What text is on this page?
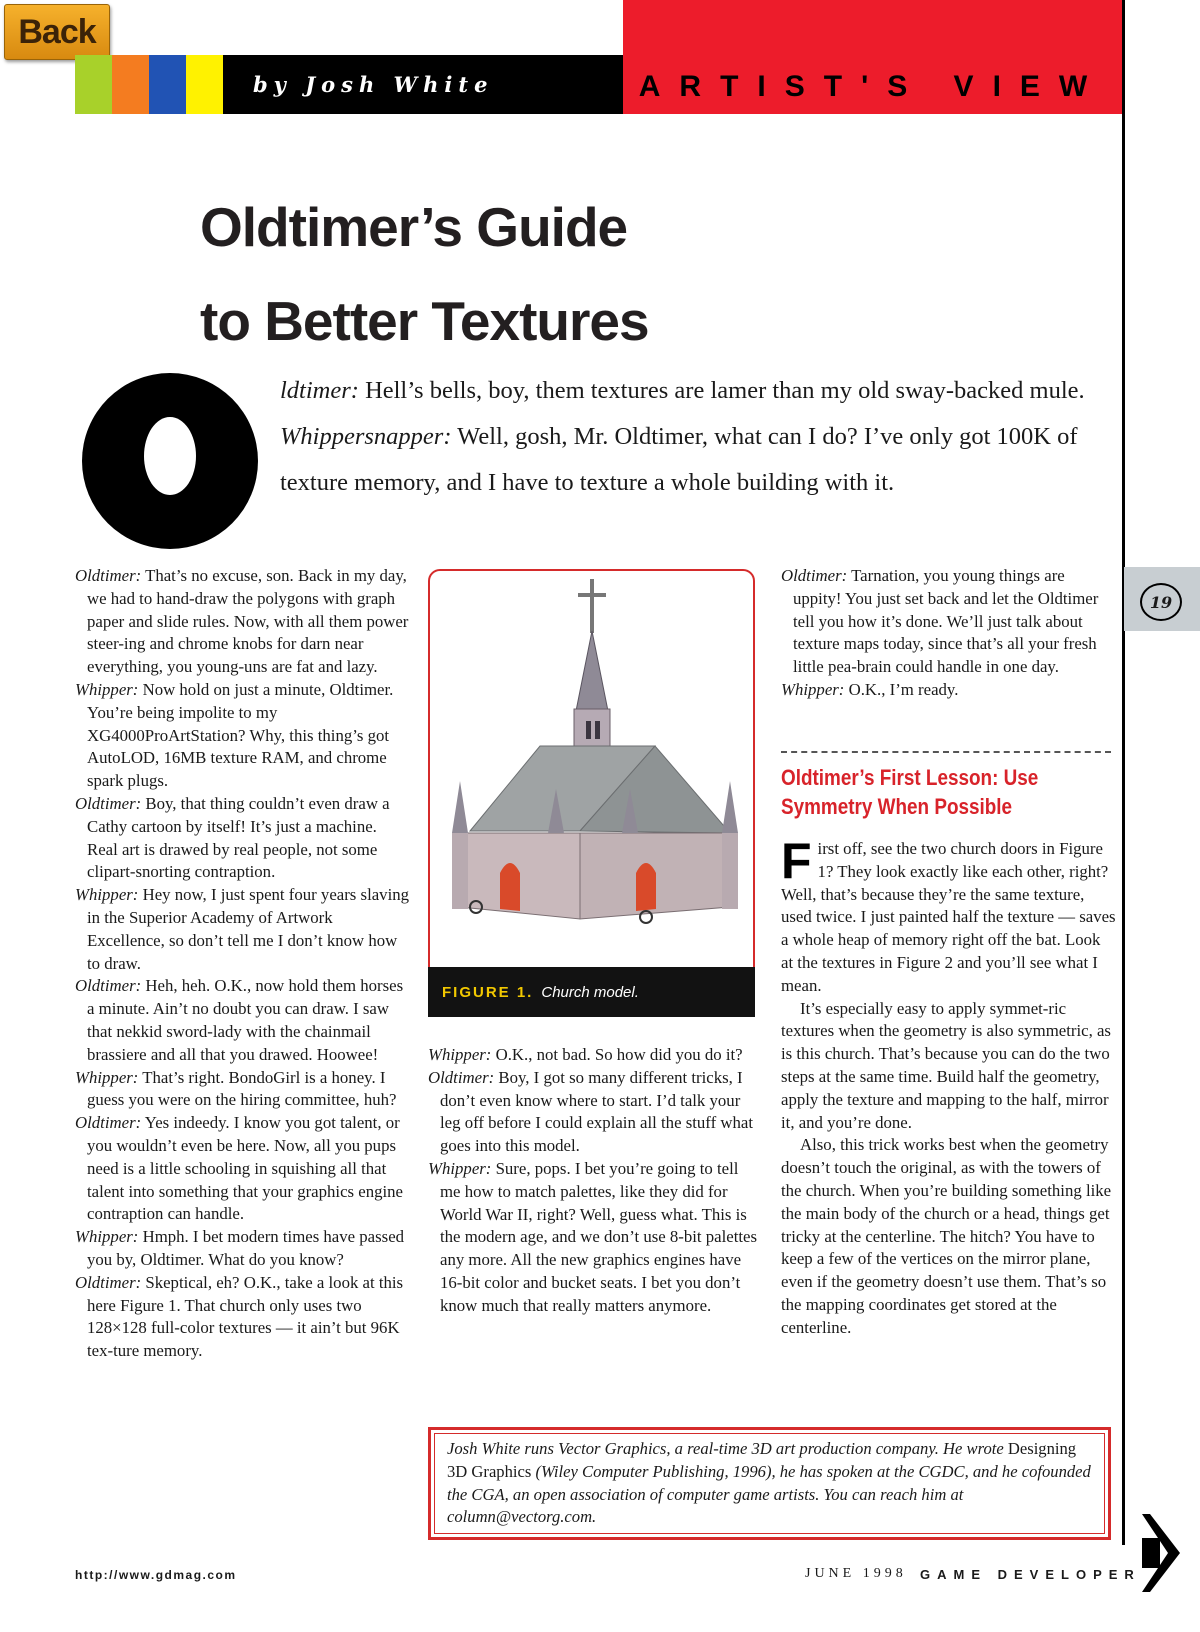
Back
by Josh White	ARTIST'S VIEW
Oldtimer’s Guide
to Better Textures

ldtimer: Hell’s bells, boy, them textures are lamer than my old sway-backed mule.

Whippersnapper: Well, gosh, Mr. Oldtimer, what can I do? I’ve only got 100K of texture memory, and I have to texture a whole building with it.

Oldtimer: That’s no excuse, son. Back in my day, we had to hand-draw the polygons with graph paper and slide rules. Now, with all them power steer-ing and chrome knobs for darn near everything, you young-uns are fat and lazy.

Whipper: Now hold on just a minute, Oldtimer. You’re being impolite to my XG4000ProArtStation? Why, this thing’s got AutoLOD, 16MB texture RAM, and chrome spark plugs.

Oldtimer: Boy, that thing couldn’t even draw a Cathy cartoon by itself! It’s just a machine. Real art is drawed by real people, not some clipart-snorting contraption.

Whipper: Hey now, I just spent four years slaving in the Superior Academy of Artwork Excellence, so don’t tell me I don’t know how to draw.

Oldtimer: Heh, heh. O.K., now hold them horses a minute. Ain’t no doubt you can draw. I saw that nekkid sword-lady with the chainmail brassiere and all that you drawed. Hoowee!

Whipper: That’s right. BondoGirl is a honey. I guess you were on the hiring committee, huh?

Oldtimer: Yes indeedy. I know you got talent, or you wouldn’t even be here. Now, all you pups need is a little schooling in squishing all that talent into something that your graphics engine contraption can handle.

Whipper: Hmph. I bet modern times have passed you by, Oldtimer. What do you know?

Oldtimer: Skeptical, eh? O.K., take a look at this here Figure 1. That church only uses two 128×128 full-color textures — it ain’t but 96K tex-ture memory.

FIGURE 1. Church model.

Whipper: O.K., not bad. So how did you do it?

Oldtimer: Boy, I got so many different tricks, I don’t even know where to start. I’d talk your leg off before I could explain all the stuff what goes into this model.

Whipper: Sure, pops. I bet you’re going to tell me how to match palettes, like they did for World War II, right? Well, guess what. This is the modern age, and we don’t use 8-bit palettes any more. All the new graphics engines have 16-bit color and bucket seats. I bet you don’t know much that really matters anymore.

Oldtimer: Tarnation, you young things are uppity! You just set back and let the Oldtimer tell you how it’s done. We’ll just talk about texture maps today, since that’s all your fresh little pea-brain could handle in one day.

Whipper: O.K., I’m ready.

Oldtimer’s First Lesson: Use Symmetry When Possible

First off, see the two church doors in Figure 1? They look exactly like each other, right? Well, that’s because they’re the same texture, used twice. I just painted half the texture — saves a whole heap of memory right off the bat. Look at the textures in Figure 2 and you’ll see what I mean.

It’s especially easy to apply symmet-ric textures when the geometry is also symmetric, as is this church. That’s because you can do the two steps at the same time. Build half the geometry, apply the texture and mapping to the half, mirror it, and you’re done.

Also, this trick works best when the geometry doesn’t touch the original, as with the towers of the church. When you’re building something like the main body of the church or a head, things get tricky at the centerline. The hitch? You have to keep a few of the vertices on the mirror plane, even if the geometry doesn’t use them. That’s so the mapping coordinates get stored at the centerline.

19
Josh White runs Vector Graphics, a real-time 3D art production company. He wrote Designing 3D Graphics (Wiley Computer Publishing, 1996), he has spoken at the CGDC, and he cofounded the CGA, an open association of computer game artists. You can reach him at column@vectorg.com.
http://www.gdmag.com	JUNE 1998 GAME DEVELOPER
